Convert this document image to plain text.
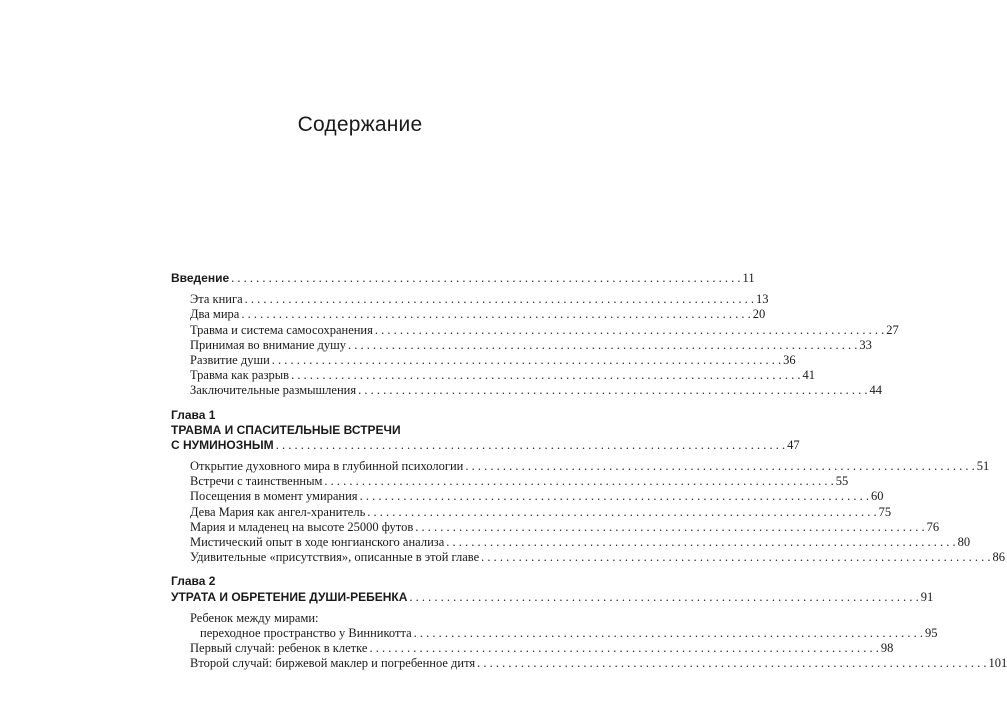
Содержание
Введение . . .	11
Эта книга . . .	13
Два мира . . .	20
Травма и система самосохранения . . .	27
Принимая во внимание душу . . .	33
Развитие души . . .	36
Травма как разрыв . . .	41
Заключительные размышления . . .	44
Глава 1
ТРАВМА И СПАСИТЕЛЬНЫЕ ВСТРЕЧИ
С НУМИНОЗНЫМ . . .	47
Открытие духовного мира в глубинной психологии . . .	51
Встречи с таинственным . . .	55
Посещения в момент умирания . . .	60
Дева Мария как ангел-хранитель . . .	75
Мария и младенец на высоте 25000 футов . . .	76
Мистический опыт в ходе юнгианского анализа . . .	80
Удивительные «присутствия», описанные в этой главе . . .	86
Глава 2
УТРАТА И ОБРЕТЕНИЕ ДУШИ-РЕБЕНКА . . .	91
Ребенок между мирами:
переходное пространство у Винникотта . . .	95
Первый случай: ребенок в клетке . . .	98
Второй случай: биржевой маклер и погребенное дитя . . .	101
